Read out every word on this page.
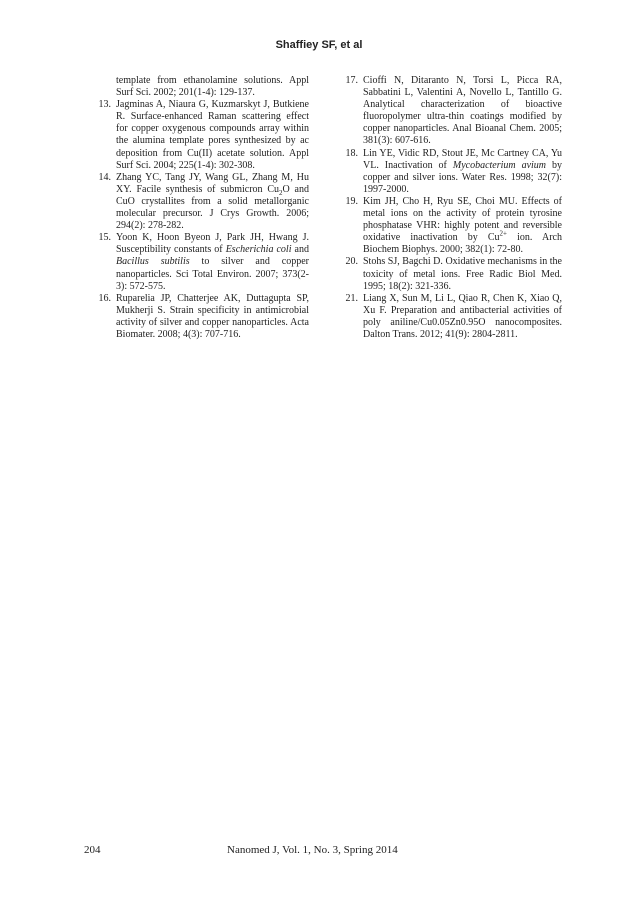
Shaffiey SF, et al
template from ethanolamine solutions. Appl Surf Sci. 2002; 201(1-4): 129-137.
13. Jagminas A, Niaura G, Kuzmarskyt J, Butkiene R. Surface-enhanced Raman scattering effect for copper oxygenous compounds array within the alumina template pores synthesized by ac deposition from Cu(II) acetate solution. Appl Surf Sci. 2004; 225(1-4): 302-308.
14. Zhang YC, Tang JY, Wang GL, Zhang M, Hu XY. Facile synthesis of submicron $Cu_2O$ and CuO crystallites from a solid metallorganic molecular precursor. J Crys Growth. 2006; 294(2): 278-282.
15. Yoon K, Hoon Byeon J, Park JH, Hwang J. Susceptibility constants of Escherichia coli and Bacillus subtilis to silver and copper nanoparticles. Sci Total Environ. 2007; 373(2-3): 572-575.
16. Ruparelia JP, Chatterjee AK, Duttagupta SP, Mukherji S. Strain specificity in antimicrobial activity of silver and copper nanoparticles. Acta Biomater. 2008; 4(3): 707-716.
17. Cioffi N, Ditaranto N, Torsi L, Picca RA, Sabbatini L, Valentini A, Novello L, Tantillo G. Analytical characterization of bioactive fluoropolymer ultra-thin coatings modified by copper nanoparticles. Anal Bioanal Chem. 2005; 381(3): 607-616.
18. Lin YE, Vidic RD, Stout JE, Mc Cartney CA, Yu VL. Inactivation of Mycobacterium avium by copper and silver ions. Water Res. 1998; 32(7): 1997-2000.
19. Kim JH, Cho H, Ryu SE, Choi MU. Effects of metal ions on the activity of protein tyrosine phosphatase VHR: highly potent and reversible oxidative inactivation by $Cu^{2+}$ ion. Arch Biochem Biophys. 2000; 382(1): 72-80.
20. Stohs SJ, Bagchi D. Oxidative mechanisms in the toxicity of metal ions. Free Radic Biol Med. 1995; 18(2): 321-336.
21. Liang X, Sun M, Li L, Qiao R, Chen K, Xiao Q, Xu F. Preparation and antibacterial activities of poly aniline/Cu0.05Zn0.95O nanocomposites. Dalton Trans. 2012; 41(9): 2804-2811.
204	Nanomed J, Vol. 1, No. 3, Spring 2014
